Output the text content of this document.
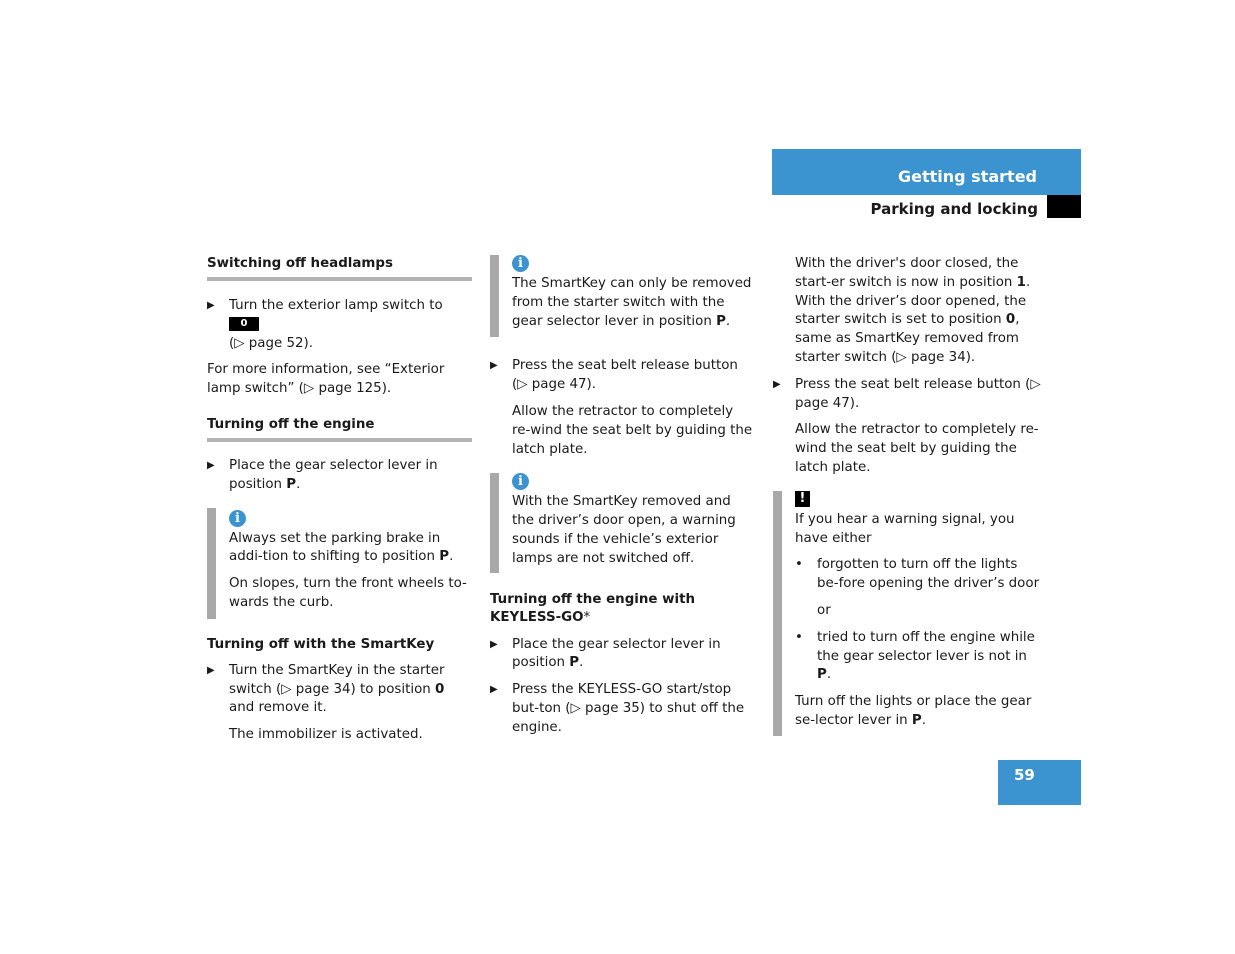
Getting started
Parking and locking
Switching off headlamps
▶ Turn the exterior lamp switch to 0
(▷ page 52).

For more information, see “Exterior lamp switch” (▷ page 125).

Turning off the engine
▶ Place the gear selector lever in position P.
i

Always set the parking brake in addi-tion to shifting to position P.

On slopes, turn the front wheels to-wards the curb.

Turning off with the SmartKey
▶ Turn the SmartKey in the starter switch (▷ page 34) to position 0 and remove it.

The immobilizer is activated.

i

The SmartKey can only be removed from the starter switch with the gear selector lever in position P.

▶ Press the seat belt release button (▷ page 47).

Allow the retractor to completely re-wind the seat belt by guiding the latch plate.

i

With the SmartKey removed and the driver’s door open, a warning sounds if the vehicle’s exterior lamps are not switched off.

Turning off the engine with
KEYLESS-GO*
▶ Place the gear selector lever in position P.
▶ Press the KEYLESS-GO start/stop but-ton (▷ page 35) to shut off the engine.

With the driver's door closed, the start-er switch is now in position 1. With the driver’s door opened, the starter switch is set to position 0, same as SmartKey removed from starter switch (▷ page 34).

▶ Press the seat belt release button (▷ page 47).

Allow the retractor to completely re-wind the seat belt by guiding the latch plate.

!

If you hear a warning signal, you have either

• forgotten to turn off the lights be-fore opening the driver’s door

or

• tried to turn off the engine while the gear selector lever is not in P.

Turn off the lights or place the gear se-lector lever in P.

59
